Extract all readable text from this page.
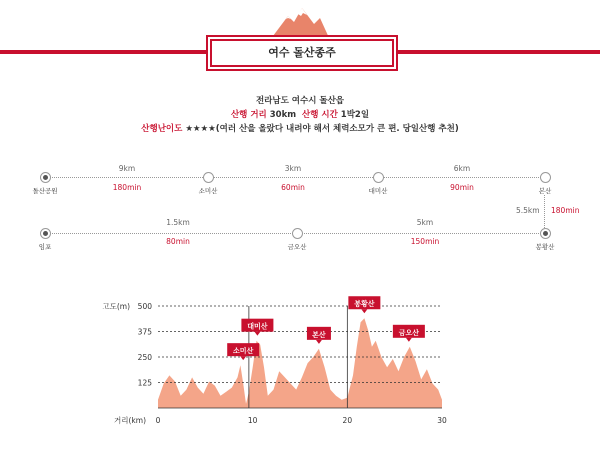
여수 돌산종주
전라남도 여수시 돌산읍
산행 거리 30km 산행 시간 1박2일
산행난이도 ★★★★(여러 산을 올랐다 내려야 해서 체력소모가 큰 편. 당일산행 추천)
돌산공원	소미산	대미산	본산
9km
180min
3km
60min
6km
90min
5.5km 180min
임포	금오산	봉황산
1.5km
80min
5km
150min
125
250
375
500
0	10	20	30
고도(m)
거리(km)
소미산
대미산
본산
봉황산
금오산
